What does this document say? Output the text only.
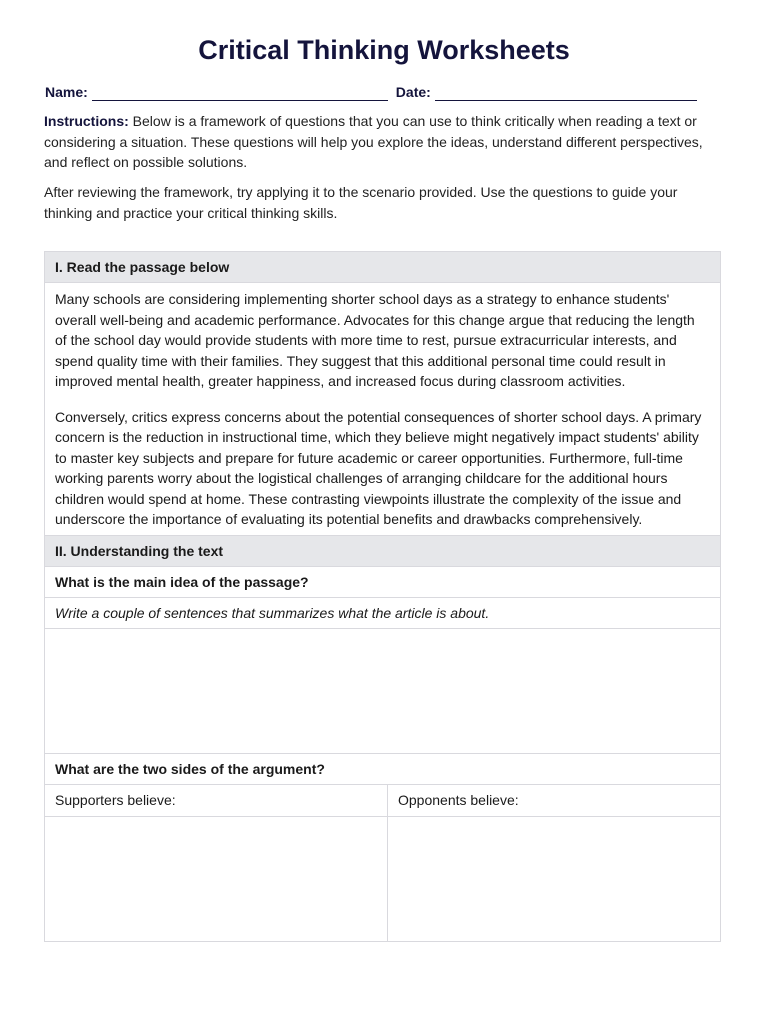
Critical Thinking Worksheets
Name:	Date:

Instructions: Below is a framework of questions that you can use to think critically when reading a text or considering a situation. These questions will help you explore the ideas, understand different perspectives, and reflect on possible solutions.

After reviewing the framework, try applying it to the scenario provided. Use the questions to guide your thinking and practice your critical thinking skills.

I. Read the passage below	

Many schools are considering implementing shorter school days as a strategy to enhance students' overall well-being and academic performance. Advocates for this change argue that reducing the length of the school day would provide students with more time to rest, pursue extracurricular interests, and spend quality time with their families. They suggest that this additional personal time could result in improved mental health, greater happiness, and increased focus during classroom activities.

Conversely, critics express concerns about the potential consequences of shorter school days. A primary concern is the reduction in instructional time, which they believe might negatively impact students' ability to master key subjects and prepare for future academic or career opportunities. Furthermore, full-time working parents worry about the logistical challenges of arranging childcare for the additional hours children would spend at home. These contrasting viewpoints illustrate the complexity of the issue and underscore the importance of evaluating its potential benefits and drawbacks comprehensively.	

II. Understanding the text	
What is the main idea of the passage?	
Write a couple of sentences that summarizes what the article is about.	

What are the two sides of the argument?	
Supporters believe:	Opponents believe:
